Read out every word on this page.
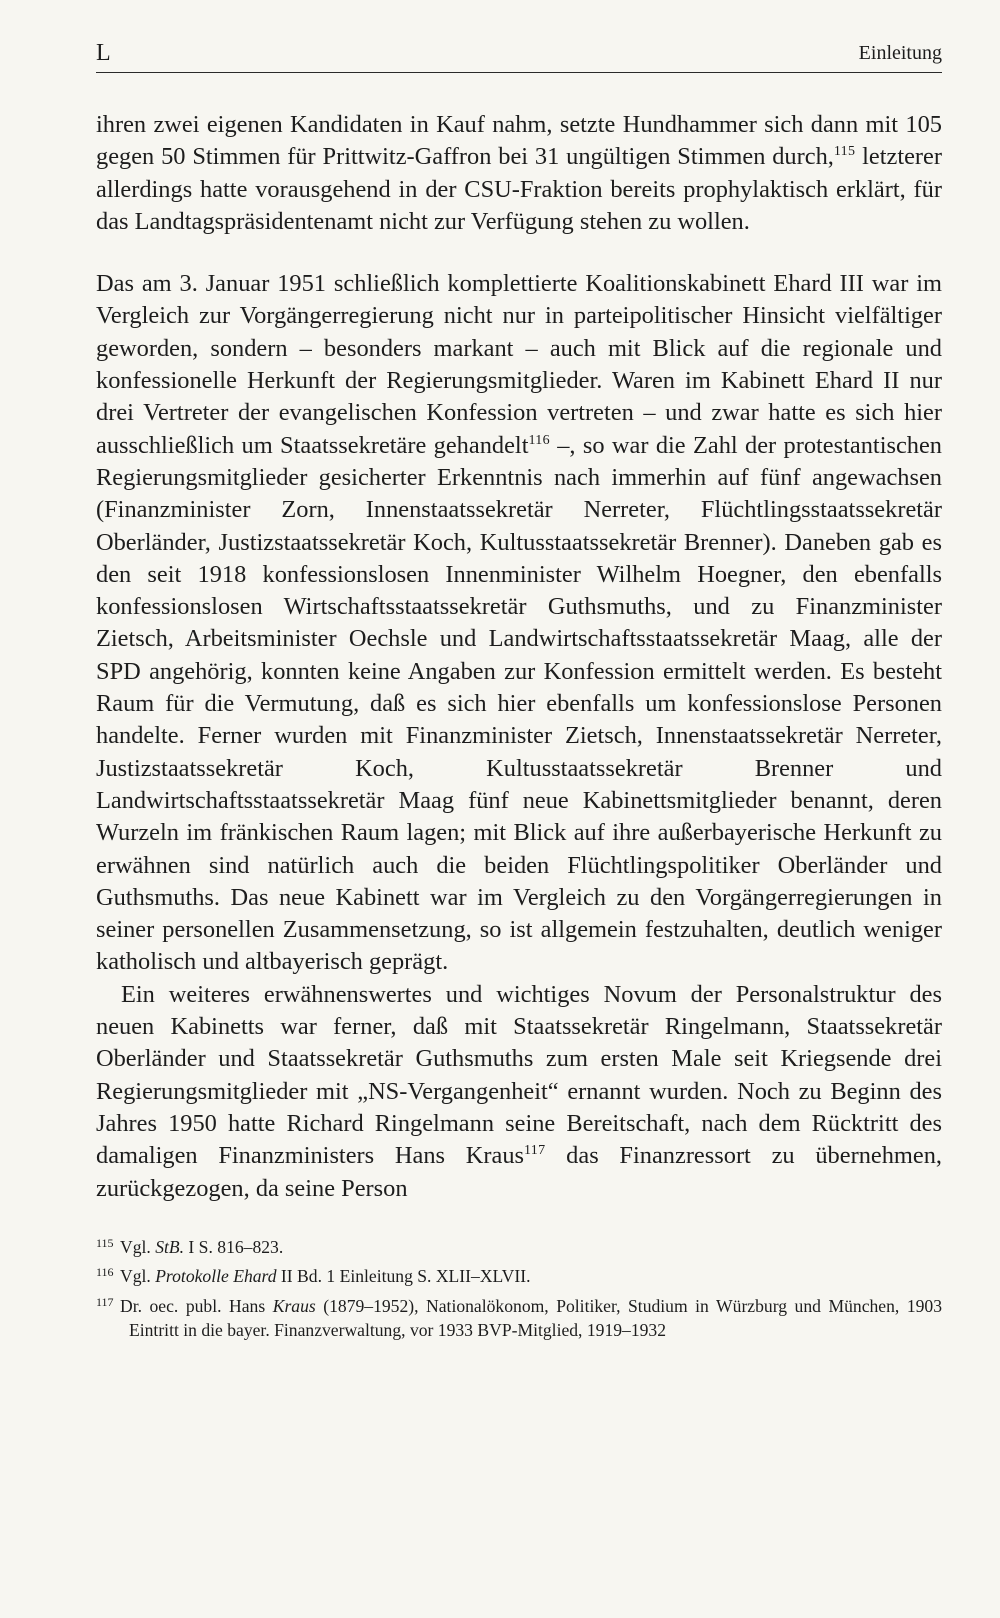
L	Einleitung

ihren zwei eigenen Kandidaten in Kauf nahm, setzte Hundhammer sich dann mit 105 gegen 50 Stimmen für Prittwitz-Gaffron bei 31 ungültigen Stimmen durch,$^{115}$ letzterer allerdings hatte vorausgehend in der CSU-Fraktion bereits prophylaktisch erklärt, für das Landtagspräsidentenamt nicht zur Verfügung stehen zu wollen.

Das am 3. Januar 1951 schließlich komplettierte Koalitionskabinett Ehard III war im Vergleich zur Vorgängerregierung nicht nur in parteipolitischer Hinsicht vielfältiger geworden, sondern – besonders markant – auch mit Blick auf die regionale und konfessionelle Herkunft der Regierungsmitglieder. Waren im Kabinett Ehard II nur drei Vertreter der evangelischen Konfession vertreten – und zwar hatte es sich hier ausschließlich um Staatssekretäre gehandelt$^{116}$ –, so war die Zahl der protestantischen Regierungsmitglieder gesicherter Erkenntnis nach immerhin auf fünf angewachsen (Finanzminister Zorn, Innenstaatssekretär Nerreter, Flüchtlingsstaatssekretär Oberländer, Justizstaatssekretär Koch, Kultusstaatssekretär Brenner). Daneben gab es den seit 1918 konfessionslosen Innenminister Wilhelm Hoegner, den ebenfalls konfessionslosen Wirtschaftsstaatssekretär Guthsmuths, und zu Finanzminister Zietsch, Arbeitsminister Oechsle und Landwirtschaftsstaatssekretär Maag, alle der SPD angehörig, konnten keine Angaben zur Konfession ermittelt werden. Es besteht Raum für die Vermutung, daß es sich hier ebenfalls um konfessionslose Personen handelte. Ferner wurden mit Finanzminister Zietsch, Innenstaatssekretär Nerreter, Justizstaatssekretär Koch, Kultusstaatssekretär Brenner und Landwirtschaftsstaatssekretär Maag fünf neue Kabinettsmitglieder benannt, deren Wurzeln im fränkischen Raum lagen; mit Blick auf ihre außerbayerische Herkunft zu erwähnen sind natürlich auch die beiden Flüchtlingspolitiker Oberländer und Guthsmuths. Das neue Kabinett war im Vergleich zu den Vorgängerregierungen in seiner personellen Zusammensetzung, so ist allgemein festzuhalten, deutlich weniger katholisch und altbayerisch geprägt.

Ein weiteres erwähnenswertes und wichtiges Novum der Personalstruktur des neuen Kabinetts war ferner, daß mit Staatssekretär Ringelmann, Staatssekretär Oberländer und Staatssekretär Guthsmuths zum ersten Male seit Kriegsende drei Regierungsmitglieder mit „NS-Vergangenheit“ ernannt wurden. Noch zu Beginn des Jahres 1950 hatte Richard Ringelmann seine Bereitschaft, nach dem Rücktritt des damaligen Finanzministers Hans Kraus$^{117}$ das Finanzressort zu übernehmen, zurückgezogen, da seine Person

115 Vgl. StB. I S. 816–823.

116 Vgl. Protokolle Ehard II Bd. 1 Einleitung S. XLII–XLVII.

117 Dr. oec. publ. Hans Kraus (1879–1952), Nationalökonom, Politiker, Studium in Würzburg und München, 1903 Eintritt in die bayer. Finanzverwaltung, vor 1933 BVP-Mitglied, 1919–1932
